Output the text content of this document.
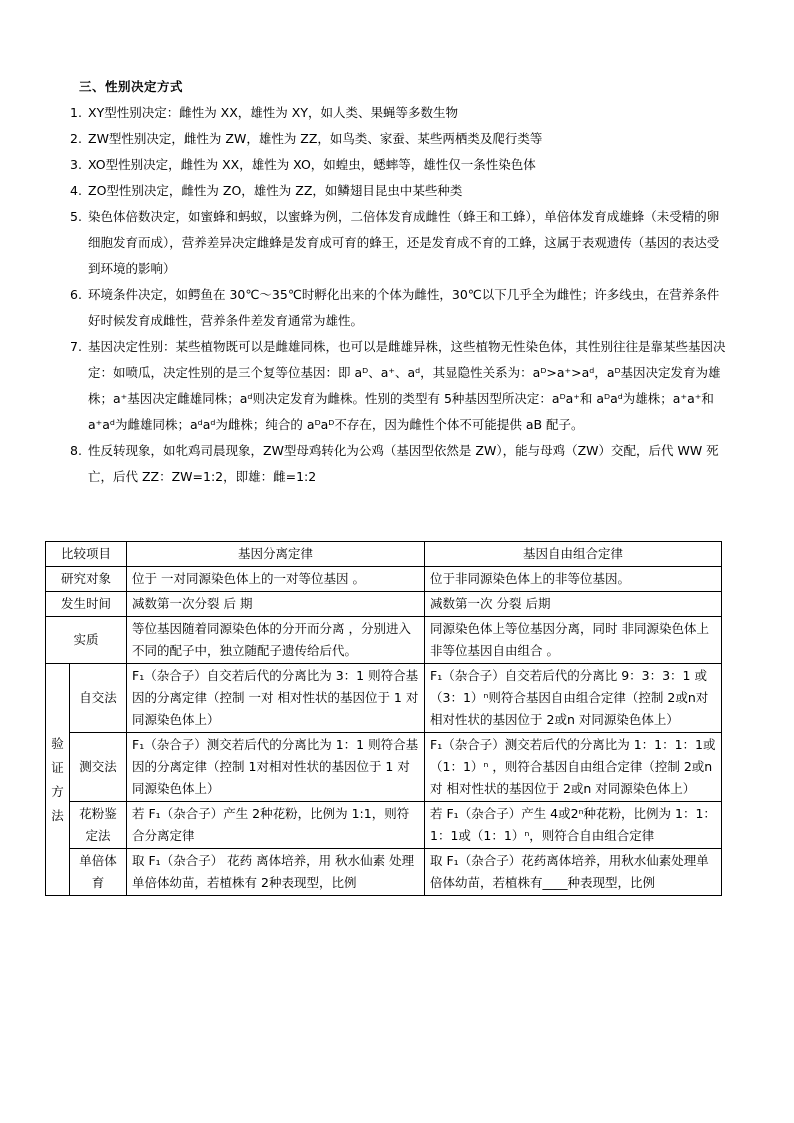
三、性别决定方式
1. XY型性别决定：雌性为 XX，雄性为 XY，如人类、果蝇等多数生物
2. ZW型性别决定，雌性为 ZW，雄性为 ZZ，如鸟类、家蚕、某些两栖类及爬行类等
3. XO型性别决定，雌性为 XX，雄性为 XO，如蝗虫，蟋蟀等，雄性仅一条性染色体
4. ZO型性别决定，雌性为 ZO，雄性为 ZZ，如鳞翅目昆虫中某些种类
5. 染色体倍数决定，如蜜蜂和蚂蚁，以蜜蜂为例，二倍体发育成雌性（蜂王和工蜂），单倍体发育成雄蜂（未受精的卵细胞发育而成），营养差异决定雌蜂是发育成可育的蜂王，还是发育成不育的工蜂，这属于表观遗传（基因的表达受到环境的影响）
6. 环境条件决定，如鳄鱼在 30℃～35℃时孵化出来的个体为雌性，30℃以下几乎全为雌性；许多线虫，在营养条件好时候发育成雌性，营养条件差发育通常为雄性。
7. 基因决定性别：某些植物既可以是雌雄同株，也可以是雌雄异株，这些植物无性染色体，其性别往往是靠某些基因决定：如喷瓜，决定性别的是三个复等位基因：即 aᴰ、a⁺、aᵈ，其显隐性关系为：aᴰ>a⁺>aᵈ，aᴰ基因决定发育为雄株；a⁺基因决定雌雄同株；aᵈ则决定发育为雌株。性别的类型有 5种基因型所决定：aᴰa⁺和 aᴰaᵈ为雄株；a⁺a⁺和 a⁺aᵈ为雌雄同株；aᵈaᵈ为雌株；纯合的 aᴰaᴰ不存在，因为雌性个体不可能提供 aB 配子。
8. 性反转现象，如牝鸡司晨现象，ZW型母鸡转化为公鸡（基因型依然是 ZW），能与母鸡（ZW）交配，后代 WW 死亡，后代 ZZ：ZW=1:2，即雄：雌=1:2
比较项目		基因分离定律	基因自由组合定律
研究对象		位于 一对同源染色体上的一对等位基因 。	位于非同源染色体上的非等位基因。
发生时间		减数第一次分裂 后 期	减数第一次 分裂 后期
实质		等位基因随着同源染色体的分开而分离 ，分别进入不同的配子中，独立随配子遗传给后代。	同源染色体上等位基因分离，同时 非同源染色体上非等位基因自由组合 。

验证方法	自交法	F₁（杂合子）自交若后代的分离比为 3：1 则符合基因的分离定律（控制 一对 相对性状的基因位于 1 对同源染色体上）	F₁（杂合子）自交若后代的分离比 9：3：3：1 或（3：1）ⁿ则符合基因自由组合定律（控制 2或n对 相对性状的基因位于 2或n 对同源染色体上）
	测交法	F₁（杂合子）测交若后代的分离比为 1：1 则符合基因的分离定律（控制 1对相对性状的基因位于 1 对同源染色体上）	F₁（杂合子）测交若后代的分离比为 1：1：1：1或（1：1）ⁿ ，则符合基因自由组合定律（控制 2或n对 相对性状的基因位于 2或n 对同源染色体上）
	花粉鉴定法	若 F₁（杂合子）产生 2种花粉，比例为 1:1，则符合分离定律	若 F₁（杂合子）产生 4或2ⁿ种花粉，比例为 1：1：1：1或（1：1）ⁿ，则符合自由组合定律
	单倍体育	取 F₁（杂合子） 花药 离体培养，用 秋水仙素 处理单倍体幼苗，若植株有 2种表现型，比例	取 F₁（杂合子）花药离体培养，用秋水仙素处理单倍体幼苗，若植株有____种表现型，比例
